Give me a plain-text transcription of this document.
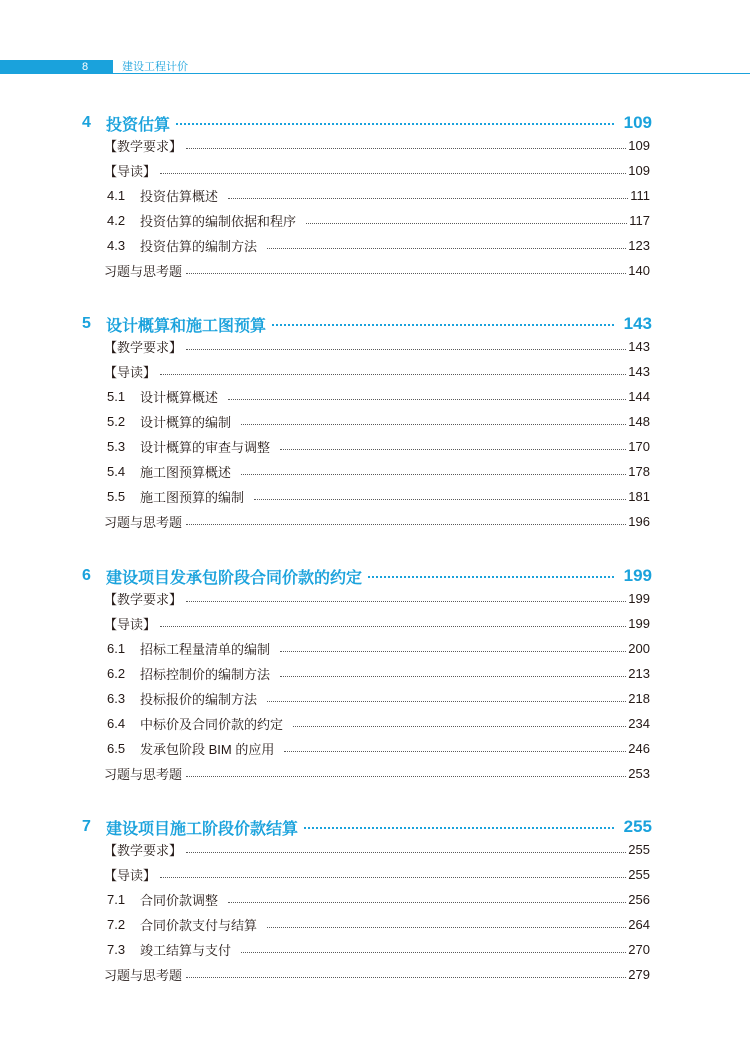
8	建设工程计价
4 投资估算	109
【教学要求】	109
【导读】	109
4.1	投资估算概述	111
4.2	投资估算的编制依据和程序	117
4.3	投资估算的编制方法	123
习题与思考题	140
5 设计概算和施工图预算	143
【教学要求】	143
【导读】	143
5.1	设计概算概述	144
5.2	设计概算的编制	148
5.3	设计概算的审查与调整	170
5.4	施工图预算概述	178
5.5	施工图预算的编制	181
习题与思考题	196
6 建设项目发承包阶段合同价款的约定	199
【教学要求】	199
【导读】	199
6.1	招标工程量清单的编制	200
6.2	招标控制价的编制方法	213
6.3	投标报价的编制方法	218
6.4	中标价及合同价款的约定	234
6.5	发承包阶段 BIM 的应用	246
习题与思考题	253
7 建设项目施工阶段价款结算	255
【教学要求】	255
【导读】	255
7.1	合同价款调整	256
7.2	合同价款支付与结算	264
7.3	竣工结算与支付	270
习题与思考题	279
